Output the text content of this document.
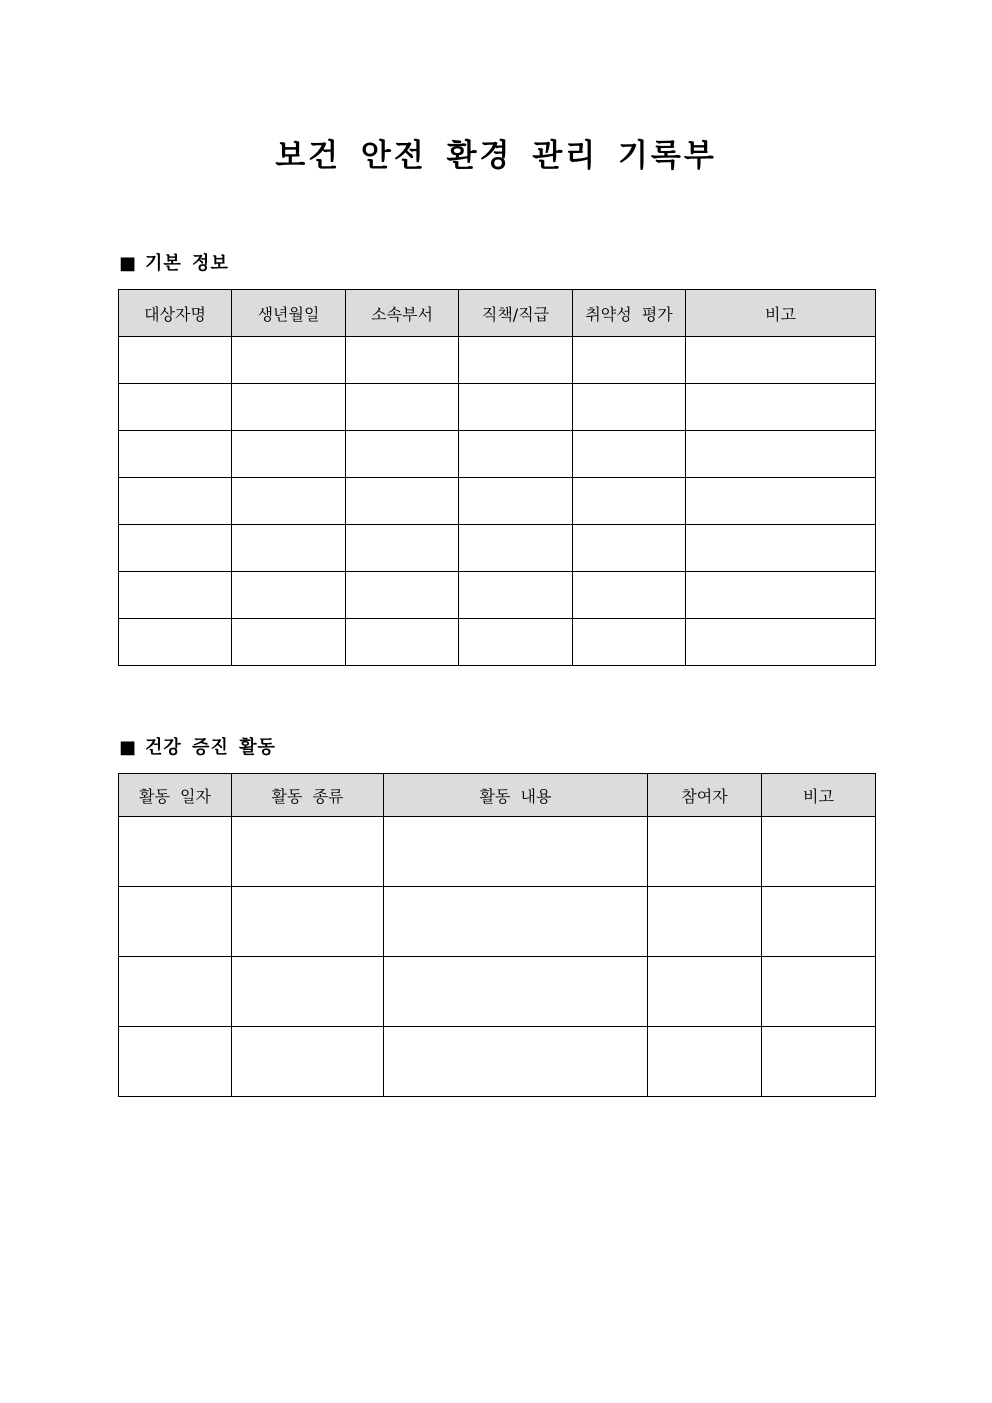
보건 안전 환경 관리 기록부
■ 기본 정보
대상자명	생년월일	소속부서	직책/직급	취약성 평가	비고

■ 건강 증진 활동
활동 일자	활동 종류	활동 내용	참여자	비고
